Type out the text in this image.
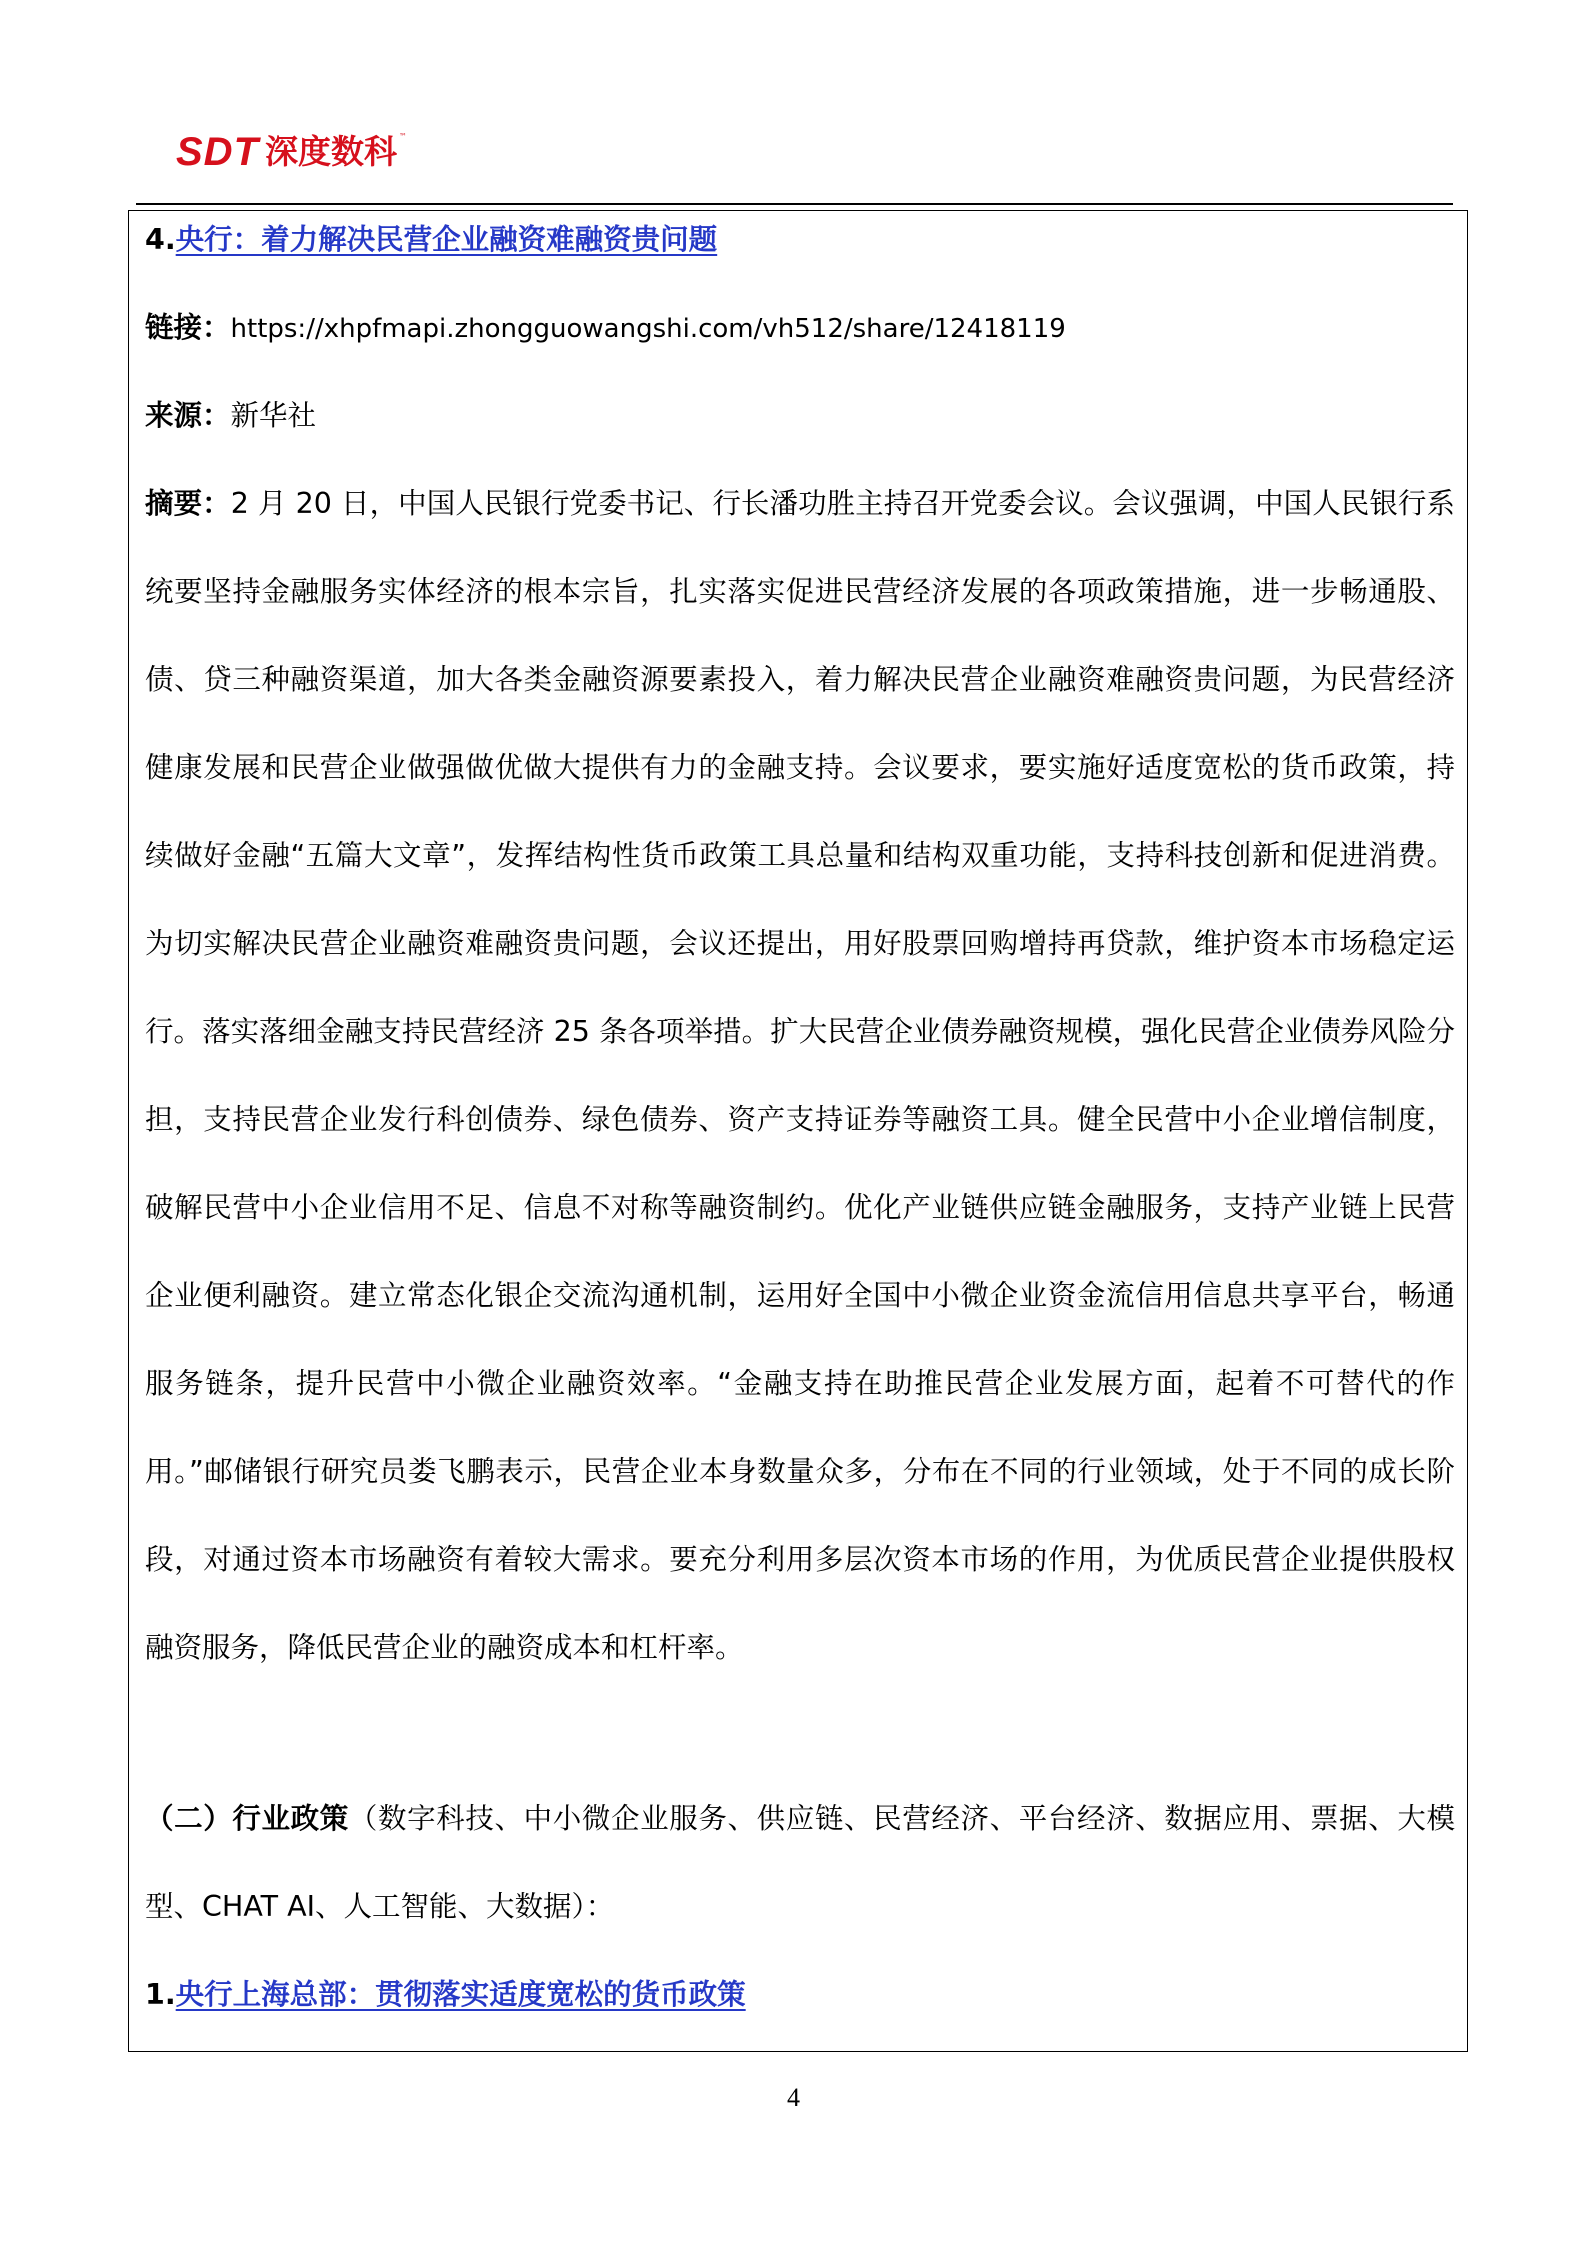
SDT 深度数科 ™
4.央行：着力解决民营企业融资难融资贵问题
链接：https://xhpfmapi.zhongguowangshi.com/vh512/share/12418119
来源：新华社

摘要：2 月 20 日，中国人民银行党委书记、行长潘功胜主持召开党委会议。会议强调，中国人民银行系统要坚持金融服务实体经济的根本宗旨，扎实落实促进民营经济发展的各项政策措施，进一步畅通股、债、贷三种融资渠道，加大各类金融资源要素投入，着力解决民营企业融资难融资贵问题，为民营经济健康发展和民营企业做强做优做大提供有力的金融支持。会议要求，要实施好适度宽松的货币政策，持续做好金融“五篇大文章”，发挥结构性货币政策工具总量和结构双重功能，支持科技创新和促进消费。为切实解决民营企业融资难融资贵问题，会议还提出，用好股票回购增持再贷款，维护资本市场稳定运行。落实落细金融支持民营经济 25 条各项举措。扩大民营企业债券融资规模，强化民营企业债券风险分担，支持民营企业发行科创债券、绿色债券、资产支持证券等融资工具。健全民营中小企业增信制度，破解民营中小企业信用不足、信息不对称等融资制约。优化产业链供应链金融服务，支持产业链上民营企业便利融资。建立常态化银企交流沟通机制，运用好全国中小微企业资金流信用信息共享平台，畅通服务链条，提升民营中小微企业融资效率。“金融支持在助推民营企业发展方面，起着不可替代的作用。”邮储银行研究员娄飞鹏表示，民营企业本身数量众多，分布在不同的行业领域，处于不同的成长阶段，对通过资本市场融资有着较大需求。要充分利用多层次资本市场的作用，为优质民营企业提供股权融资服务，降低民营企业的融资成本和杠杆率。

（二）行业政策（数字科技、中小微企业服务、供应链、民营经济、平台经济、数据应用、票据、大模型、CHAT AI、人工智能、大数据）：

1.央行上海总部：贯彻落实适度宽松的货币政策
4
